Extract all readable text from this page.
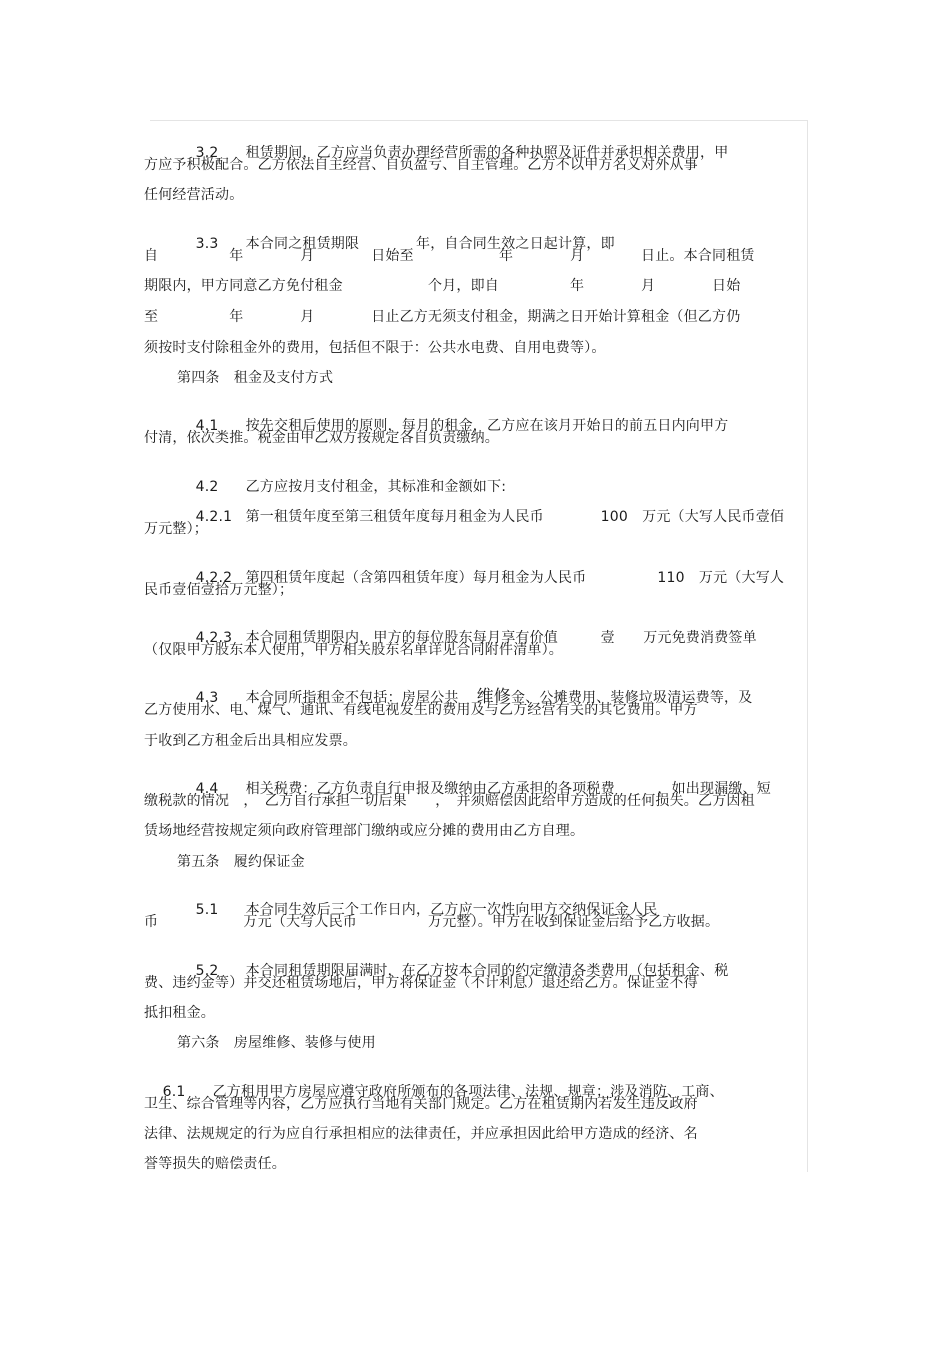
3.2 租赁期间，乙方应当负责办理经营所需的各种执照及证件并承担相关费用，甲

方应予积极配合。乙方依法自主经营、自负盈亏、自主管理。乙方不以甲方名义对外从事
任何经营活动。

3.3 本合同之租赁期限　　　　年，自合同生效之日起计算，即

自　　　　　年　　　　月　　　　日始至　　　　　　年　　　　月　　　　日止。本合同租赁
期限内，甲方同意乙方免付租金　　　　　　个月，即自　　　　　年　　　　月　　　　日始
至　　　　　年　　　　月　　　　日止乙方无须支付租金，期满之日开始计算租金（但乙方仍
须按时支付除租金外的费用，包括但不限于：公共水电费、自用电费等）。
第四条　租金及支付方式

4.1 按先交租后使用的原则，每月的租金，乙方应在该月开始日的前五日内向甲方

付清，依次类推。税金由甲乙双方按规定各自负责缴纳。

4.2 乙方应按月支付租金，其标准和金额如下:

4.2.1 第一租赁年度至第三租赁年度每月租金为人民币　　　　100　万元（大写人民币壹佰

万元整）；

4.2.2 第四租赁年度起（含第四租赁年度）每月租金为人民币　　　　　110　万元（大写人

民币壹佰壹拾万元整）；

4.2.3 本合同租赁期限内，甲方的每位股东每月享有价值　　　壹　　万元免费消费签单

（仅限甲方股东本人使用，甲方相关股东名单详见合同附件清单）。

4.3 本合同所指租金不包括：房屋公共 维修金、公摊费用、装修垃圾清运费等，及

乙方使用水、电、煤气、通讯、有线电视发生的费用及与乙方经营有关的其它费用。甲方
于收到乙方租金后出具相应发票。

4.4 相关税费：乙方负责自行申报及缴纳由乙方承担的各项税费　　　，如出现漏缴、短

缴税款的情况　，　乙方自行承担一切后果　　，　并须赔偿因此给甲方造成的任何损失。乙方因租
赁场地经营按规定须向政府管理部门缴纳或应分摊的费用由乙方自理。
第五条　履约保证金

5.1 本合同生效后三个工作日内，乙方应一次性向甲方交纳保证金人民

币　　　　　　万元（大写人民币　　　　　万元整）。甲方在收到保证金后给予乙方收据。

5.2 本合同租赁期限届满时，在乙方按本合同的约定缴清各类费用（包括租金、税

费、违约金等）并交还租赁场地后，甲方将保证金（不计利息）退还给乙方。保证金不得
抵扣租金。
第六条　房屋维修、装修与使用

6.1 乙方租用甲方房屋应遵守政府所颁布的各项法律、法规、规章；涉及消防、工商、

卫生、综合管理等内容，乙方应执行当地有关部门规定。乙方在租赁期内若发生违反政府
法律、法规规定的行为应自行承担相应的法律责任，并应承担因此给甲方造成的经济、名
誉等损失的赔偿责任。
